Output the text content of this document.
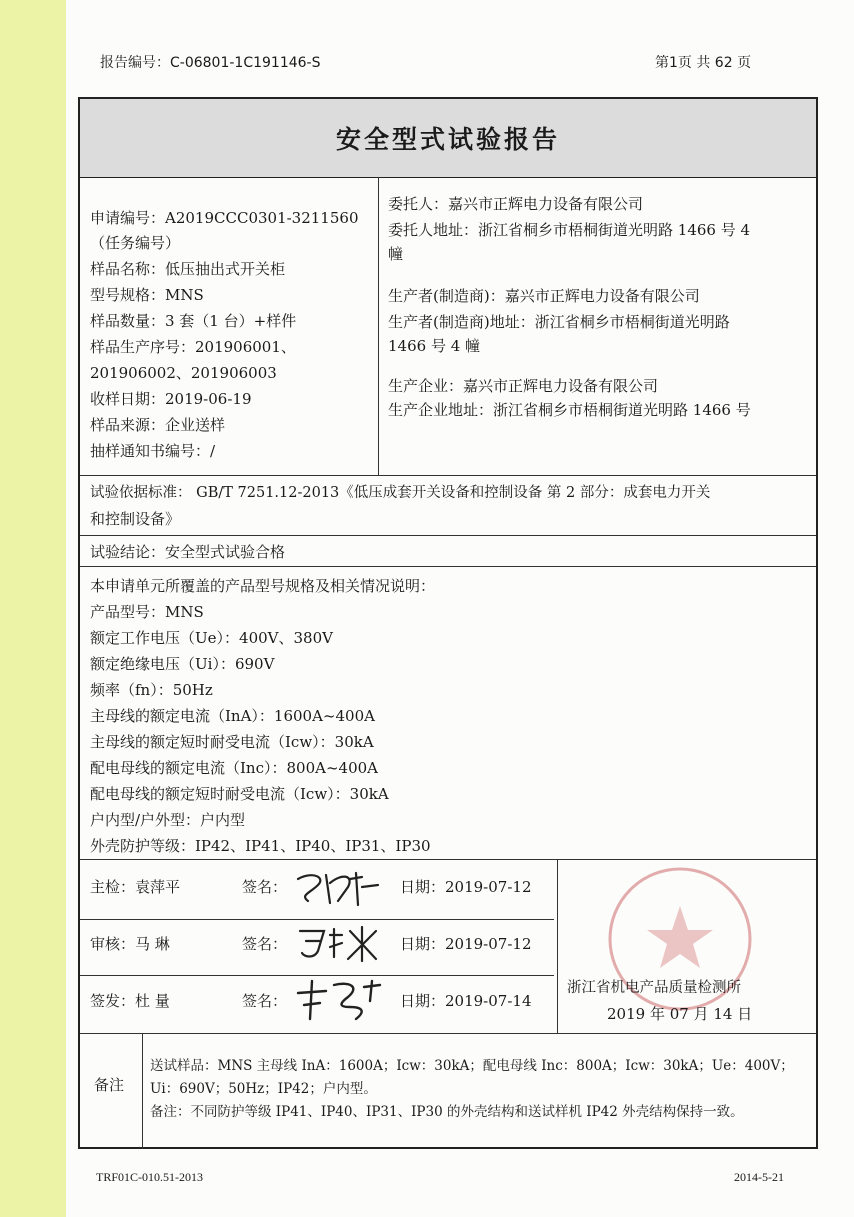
报告编号：C-06801-1C191146-S	第1页 共 62 页
安全型式试验报告
申请编号：A2019CCC0301-3211560
（任务编号）
样品名称：低压抽出式开关柜
型号规格：MNS
样品数量：3 套（1 台）+样件
样品生产序号：201906001、
201906002、201906003
收样日期：2019-06-19
样品来源：企业送样
抽样通知书编号：/
委托人：嘉兴市正辉电力设备有限公司
委托人地址：浙江省桐乡市梧桐街道光明路 1466 号 4
幢
生产者(制造商)：嘉兴市正辉电力设备有限公司
生产者(制造商)地址：浙江省桐乡市梧桐街道光明路
1466 号 4 幢
生产企业：嘉兴市正辉电力设备有限公司
生产企业地址：浙江省桐乡市梧桐街道光明路 1466 号
试验依据标准： GB/T 7251.12-2013《低压成套开关设备和控制设备 第 2 部分：成套电力开关
和控制设备》
试验结论：安全型式试验合格
本申请单元所覆盖的产品型号规格及相关情况说明：
产品型号：MNS
额定工作电压（Ue）：400V、380V
额定绝缘电压（Ui）：690V
频率（fn）：50Hz
主母线的额定电流（InA）：1600A~400A
主母线的额定短时耐受电流（Icw）：30kA
配电母线的额定电流（Inc）：800A~400A
配电母线的额定短时耐受电流（Icw）：30kA
户内型/户外型：户内型
外壳防护等级：IP42、IP41、IP40、IP31、IP30
主检：袁萍平	签名：	日期：2019-07-12
审核：马 琳	签名：	日期：2019-07-12
签发：杜 量	签名：	日期：2019-07-14
浙江省机电产品质量检测所
2019 年 07 月 14 日
备注
送试样品：MNS 主母线 InA：1600A；Icw：30kA；配电母线 Inc：800A；Icw：30kA；Ue：400V；
Ui：690V；50Hz；IP42；户内型。
备注：不同防护等级 IP41、IP40、IP31、IP30 的外壳结构和送试样机 IP42 外壳结构保持一致。
TRF01C-010.51-2013	2014-5-21
